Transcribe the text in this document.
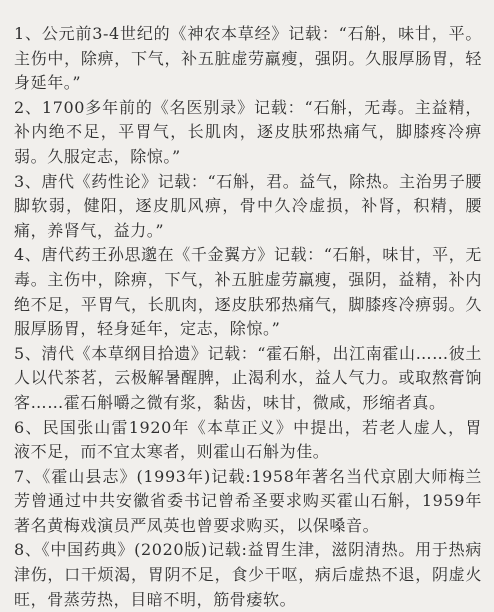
1、公元前3-4世纪的《神农本草经》记载：“石斛，味甘，平。主伤中，除痹，下气，补五脏虚劳羸瘦，强阴。久服厚肠胃，轻身延年。”

2、1700多年前的《名医别录》记载：“石斛，无毒。主益精，补内绝不足，平胃气，长肌肉，逐皮肤邪热痛气，脚膝疼冷痹弱。久服定志，除惊。”

3、唐代《药性论》记载：“石斛，君。益气，除热。主治男子腰脚软弱，健阳，逐皮肌风痹，骨中久冷虚损，补肾，积精，腰痛，养肾气，益力。”

4、唐代药王孙思邈在《千金翼方》记载：“石斛，味甘，平，无毒。主伤中，除痹，下气，补五脏虚劳羸瘦，强阴，益精，补内绝不足，平胃气，长肌肉，逐皮肤邪热痛气，脚膝疼冷痹弱。久服厚肠胃，轻身延年，定志，除惊。”

5、清代《本草纲目拾遗》记载：“霍石斛，出江南霍山……彼土人以代茶茗，云极解暑醒脾，止渴利水，益人气力。或取熬膏饷客……霍石斛嚼之微有浆，黏齿，味甘，微咸，形缩者真。

6、民国张山雷1920年《本草正义》中提出，若老人虚人，胃液不足，而不宜太寒者，则霍山石斛为佳。

7、《霍山县志》(1993年)记载:1958年著名当代京剧大师梅兰芳曾通过中共安徽省委书记曾希圣要求购买霍山石斛，1959年著名黄梅戏演员严凤英也曾要求购买，以保嗓音。

8、《中国药典》(2020版)记载:益胃生津，滋阴清热。用于热病津伤，口干烦渴，胃阴不足，食少干呕，病后虚热不退，阴虚火旺，骨蒸劳热，目暗不明，筋骨痿软。
